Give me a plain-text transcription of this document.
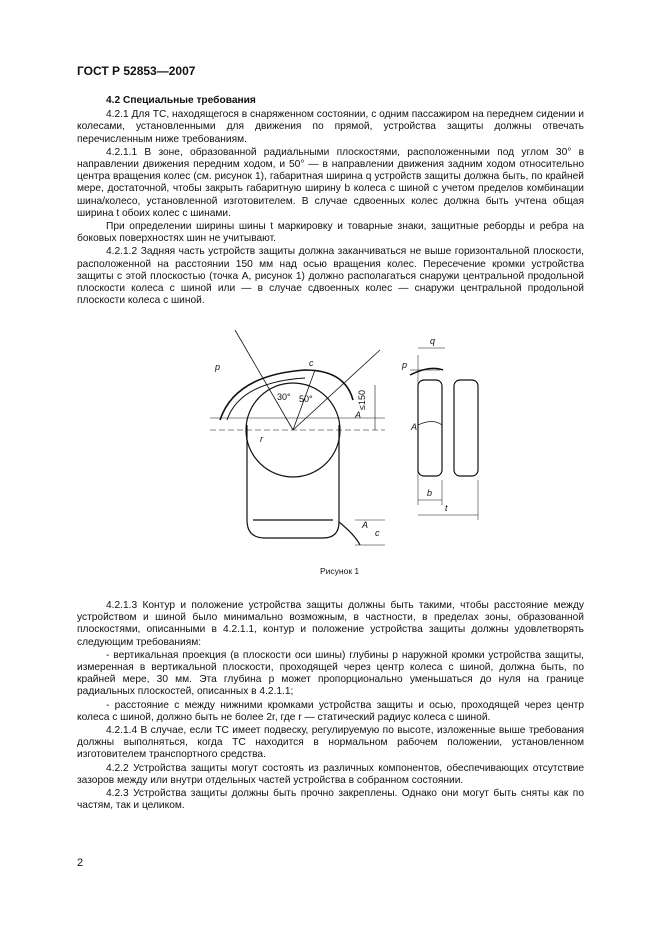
ГОСТ Р 52853—2007

4.2 Специальные требования

4.2.1 Для ТС, находящегося в снаряженном состоянии, с одним пассажиром на переднем сидении и колесами, установленными для движения по прямой, устройства защиты должны отвечать перечисленным ниже требованиям.

4.2.1.1 В зоне, образованной радиальными плоскостями, расположенными под углом 30° в направлении движения передним ходом, и 50° — в направлении движения задним ходом относительно центра вращения колес (см. рисунок 1), габаритная ширина q устройств защиты должна быть, по крайней мере, достаточной, чтобы закрыть габаритную ширину b колеса с шиной с учетом пределов комбинации шина/колесо, установленной изготовителем. В случае сдвоенных колес должна быть учтена общая ширина t обоих колес с шинами.

При определении ширины шины t маркировку и товарные знаки, защитные реборды и ребра на боковых поверхностях шин не учитывают.

4.2.1.2 Задняя часть устройств защиты должна заканчиваться не выше горизонтальной плоскости, расположенной на расстоянии 150 мм над осью вращения колес. Пересечение кромки устройства защиты с этой плоскостью (точка А, рисунок 1) должно располагаться снаружи центральной продольной плоскости колеса с шиной или — в случае сдвоенных колес — снаружи центральной продольной плоскости колеса с шиной.

p	c
30° 50°	≤150
A
r
A
c
q
p
A
b
t
Рисунок 1

4.2.1.3 Контур и положение устройства защиты должны быть такими, чтобы расстояние между устройством и шиной было минимально возможным, в частности, в пределах зоны, образованной плоскостями, описанными в 4.2.1.1, контур и положение устройства защиты должны удовлетворять следующим требованиям:

- вертикальная проекция (в плоскости оси шины) глубины p наружной кромки устройства защиты, измеренная в вертикальной плоскости, проходящей через центр колеса с шиной, должна быть, по крайней мере, 30 мм. Эта глубина p может пропорционально уменьшаться до нуля на границе радиальных плоскостей, описанных в 4.2.1.1;

- расстояние c между нижними кромками устройства защиты и осью, проходящей через центр колеса с шиной, должно быть не более 2r, где r — статический радиус колеса с шиной.

4.2.1.4 В случае, если ТС имеет подвеску, регулируемую по высоте, изложенные выше требования должны выполняться, когда ТС находится в нормальном рабочем положении, установленном изготовителем транспортного средства.

4.2.2 Устройства защиты могут состоять из различных компонентов, обеспечивающих отсутствие зазоров между или внутри отдельных частей устройства в собранном состоянии.

4.2.3 Устройства защиты должны быть прочно закреплены. Однако они могут быть сняты как по частям, так и целиком.

2
